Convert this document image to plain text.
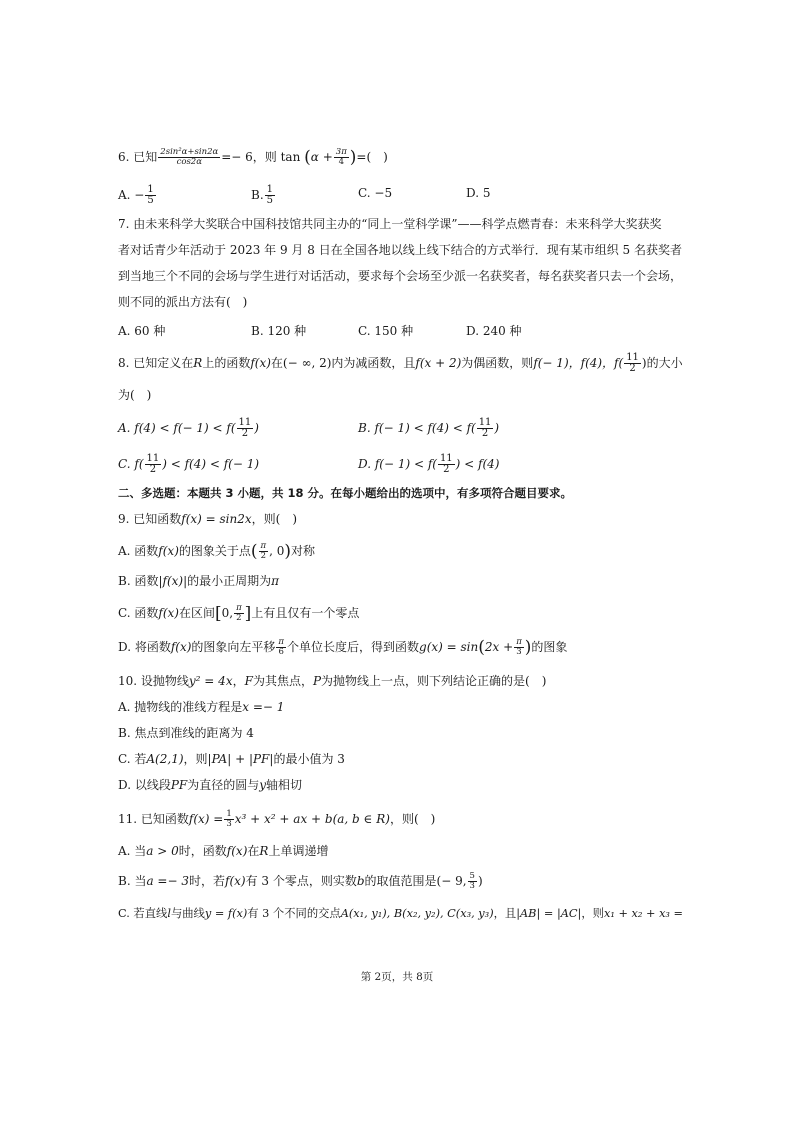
6. 已知 $\frac{\text{2sin²α+sin2α}}{\cos 2\alpha} =- 6$，则 $\tan (\alpha + \frac{3\pi}{4}$ )=(　)
A. − $\frac{1}{5}$	B. $\frac{1}{5}$	C. −5	D. 5
7. 由未来科学大奖联合中国科技馆共同主办的“同上一堂科学课”——科学点燃青春：未来科学大奖获奖
者对话青少年活动于 2023 年 9 月 8 日在全国各地以线上线下结合的方式举行．现有某市组织 5 名获奖者
到当地三个不同的会场与学生进行对话活动，要求每个会场至少派一名获奖者，每名获奖者只去一个会场，
则不同的派出方法有(　)
A. 60 种	B. 120 种	C. 150 种	D. 240 种
8. 已知定义在R上的函数f(x)在(− ∞, 2)内为减函数，且f(x + 2)为偶函数，则f(− 1)，f(4)，$f( \frac{11}{2}$ )的大小
为(　)
A. $f(4) < f(- 1) < f( \frac{11}{2}$ )	B. $f(- 1) < f(4) < f( \frac{11}{2}$ )
C. $f( \frac{11}{2}$ ) < f(4) < f(− 1)	D. $f(- 1) < f( \frac{11}{2}$ ) < f(4)
二、多选题：本题共 3 小题，共 18 分。在每小题给出的选项中，有多项符合题目要求。
9. 已知函数f(x) = sin2x，则(　)
A. 函数f(x)的图象关于点( $\frac{\pi}{2}$ , 0)对称
B. 函数|f(x)|的最小正周期为π
C. 函数f(x)在区间[0, $\frac{\pi}{2}$ ]上有且仅有一个零点
D. 将函数f(x)的图象向左平移 $\frac{\pi}{6}$ 个单位长度后，得到函数$g(x) = \sin(2x + \frac{\pi}{3}$ )的图象
10. 设抛物线y² = 4x，F为其焦点，P为抛物线上一点，则下列结论正确的是(　)
A. 抛物线的准线方程是x =− 1
B. 焦点到准线的距离为 4
C. 若A(2,1)，则|PA| + |PF|的最小值为 3
D. 以线段PF为直径的圆与y轴相切
11. 已知函数$f(x) = \frac{1}{3} x^3 + x^2$ + ax + b(a, b ∈ R)，则(　)
A. 当a > 0时，函数f(x)在R上单调递增
B. 当a =− 3时，若f(x)有 3 个零点，则实数b的取值范围是(− 9, $\frac{5}{3}$ )
C. 若直线l与曲线y = f(x)有 3 个不同的交点A(x₁, y₁), B(x₂, y₂), C(x₃, y₃)，且|AB| = |AC|，则x₁ + x₂ + x₃ =
第 2页，共 8页
